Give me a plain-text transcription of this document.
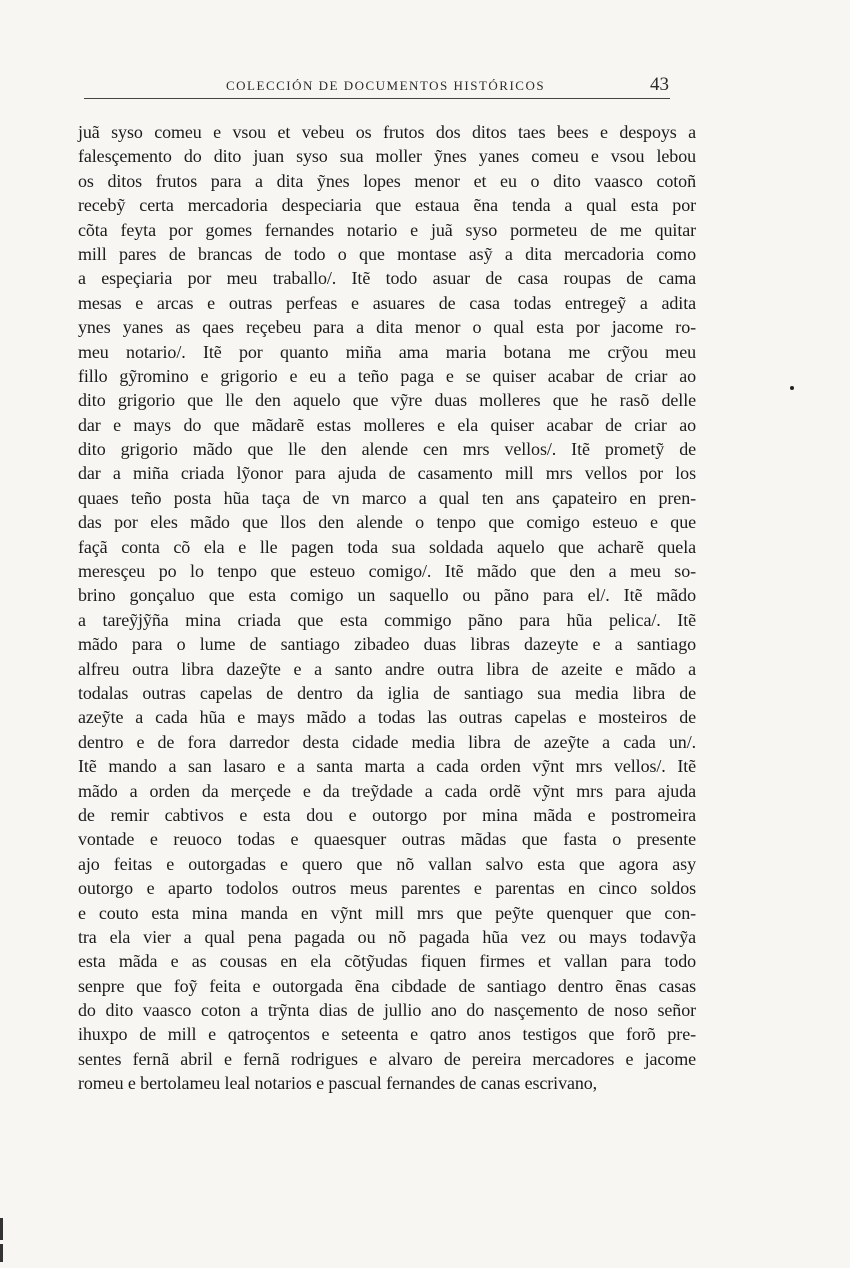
COLECCIÓN DE DOCUMENTOS HISTÓRICOS	43
juã syso comeu e vsou et vebeu os frutos dos ditos taes bees e despoys a
falesçemento do dito juan syso sua moller ỹnes yanes comeu e vsou lebou
os ditos frutos para a dita ỹnes lopes menor et eu o dito vaasco cotoñ
recebỹ certa mercadoria despeciaria que estaua ẽna tenda a qual esta por
cõta feyta por gomes fernandes notario e juã syso pormeteu de me quitar
mill pares de brancas de todo o que montase asỹ a dita mercadoria como
a espeçiaria por meu traballo/. Itẽ todo asuar de casa roupas de cama
mesas e arcas e outras perfeas e asuares de casa todas entregeỹ a adita
ynes yanes as qaes reçebeu para a dita menor o qual esta por jacome ro-
meu notario/. Itẽ por quanto miña ama maria botana me crỹou meu
fillo gỹromino e grigorio e eu a teño paga e se quiser acabar de criar ao
dito grigorio que lle den aquelo que vỹre duas molleres que he rasõ delle
dar e mays do que mãdarẽ estas molleres e ela quiser acabar de criar ao
dito grigorio mãdo que lle den alende cen mrs vellos/. Itẽ prometỹ de
dar a miña criada lỹonor para ajuda de casamento mill mrs vellos por los
quaes teño posta hũa taça de vn marco a qual ten ans çapateiro en pren-
das por eles mãdo que llos den alende o tenpo que comigo esteuo e que
façã conta cõ ela e lle pagen toda sua soldada aquelo que acharẽ quela
meresçeu po lo tenpo que esteuo comigo/. Itẽ mãdo que den a meu so-
brino gonçaluo que esta comigo un saquello ou pãno para el/. Itẽ mãdo
a tareỹjỹña mina criada que esta commigo pãno para hũa pelica/. Itẽ
mãdo para o lume de santiago zibadeo duas libras dazeyte e a santiago
alfreu outra libra dazeỹte e a santo andre outra libra de azeite e mãdo a
todalas outras capelas de dentro da iglia de santiago sua media libra de
azeỹte a cada hũa e mays mãdo a todas las outras capelas e mosteiros de
dentro e de fora darredor desta cidade media libra de azeỹte a cada un/.
Itẽ mando a san lasaro e a santa marta a cada orden vỹnt mrs vellos/. Itẽ
mãdo a orden da merçede e da treỹdade a cada ordẽ vỹnt mrs para ajuda
de remir cabtivos e esta dou e outorgo por mina mãda e postromeira
vontade e reuoco todas e quaesquer outras mãdas que fasta o presente
ajo feitas e outorgadas e quero que nõ vallan salvo esta que agora asy
outorgo e aparto todolos outros meus parentes e parentas en cinco soldos
e couto esta mina manda en vỹnt mill mrs que peỹte quenquer que con-
tra ela vier a qual pena pagada ou nõ pagada hũa vez ou mays todavỹa
esta mãda e as cousas en ela cõtỹudas fiquen firmes et vallan para todo
senpre que foỹ feita e outorgada ẽna cibdade de santiago dentro ẽnas casas
do dito vaasco coton a trỹnta dias de jullio ano do nasçemento de noso señor
ihuxpo de mill e qatroçentos e seteenta e qatro anos testigos que forõ pre-
sentes fernã abril e fernã rodrigues e alvaro de pereira mercadores e jacome
romeu e bertolameu leal notarios e pascual fernandes de canas escrivano,
